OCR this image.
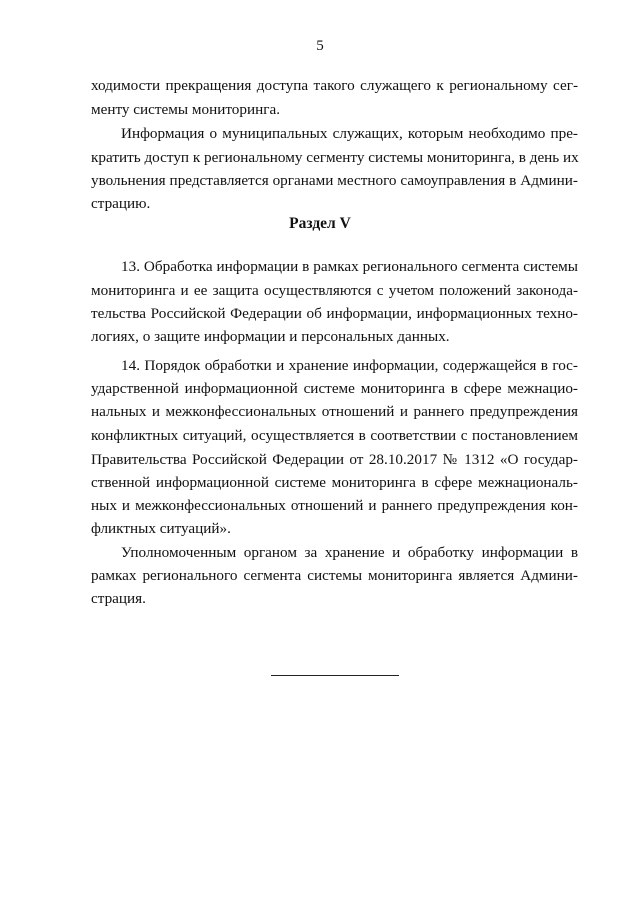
5
ходимости прекращения доступа такого служащего к региональному сег-
менту системы мониторинга.
Информация о муниципальных служащих, которым необходимо пре-
кратить доступ к региональному сегменту системы мониторинга, в день их
увольнения представляется органами местного самоуправления в Админи-
страцию.
Раздел V
13. Обработка информации в рамках регионального сегмента системы
мониторинга и ее защита осуществляются с учетом положений законода-
тельства Российской Федерации об информации, информационных техно-
логиях, о защите информации и персональных данных.
14. Порядок обработки и хранение информации, содержащейся в гос-
ударственной информационной системе мониторинга в сфере межнацио-
нальных и межконфессиональных отношений и раннего предупреждения
конфликтных ситуаций, осуществляется в соответствии с постановлением
Правительства Российской Федерации от 28.10.2017 № 1312 «О государ-
ственной информационной системе мониторинга в сфере межнациональ-
ных и межконфессиональных отношений и раннего предупреждения кон-
фликтных ситуаций».
Уполномоченным органом за хранение и обработку информации в
рамках регионального сегмента системы мониторинга является Админи-
страция.
